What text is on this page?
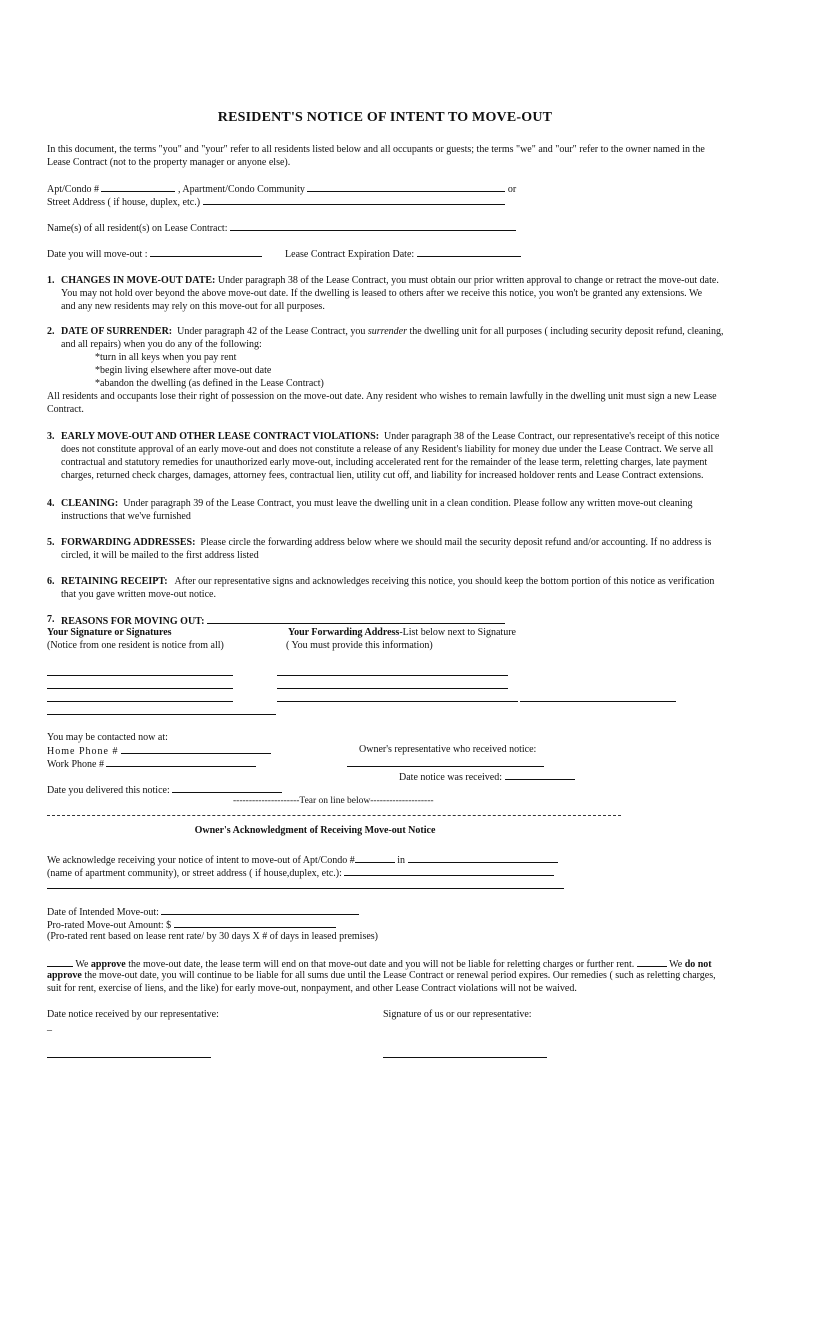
RESIDENT'S NOTICE OF INTENT TO MOVE-OUT
In this document, the terms "you" and "your" refer to all residents listed below and all occupants or guests; the terms "we" and "our" refer to the owner named in the
Lease Contract (not to the property manager or anyone else).
Apt/Condo #	, Apartment/Condo Community	or
Street Address ( if house, duplex, etc.)
Name(s) of all resident(s) on Lease Contract:
Date you will move-out :	Lease Contract Expiration Date:
1. CHANGES IN MOVE-OUT DATE: Under paragraph 38 of the Lease Contract, you must obtain our prior written approval to change or retract the move-out date.
You may not hold over beyond the above move-out date. If the dwelling is leased to others after we receive this notice, you won't be granted any extensions. We
and any new residents may rely on this move-out for all purposes.
2. DATE OF SURRENDER: Under paragraph 42 of the Lease Contract, you surrender the dwelling unit for all purposes ( including security deposit refund, cleaning,
and all repairs) when you do any of the following:
*turn in all keys when you pay rent
*begin living elsewhere after move-out date
*abandon the dwelling (as defined in the Lease Contract)
All residents and occupants lose their right of possession on the move-out date. Any resident who wishes to remain lawfully in the dwelling unit must sign a new Lease
Contract.
3. EARLY MOVE-OUT AND OTHER LEASE CONTRACT VIOLATIONS: Under paragraph 38 of the Lease Contract, our representative's receipt of this notice
does not constitute approval of an early move-out and does not constitute a release of any Resident's liability for money due under the Lease Contract. We serve all
contractual and statutory remedies for unauthorized early move-out, including accelerated rent for the remainder of the lease term, reletting charges, late payment
charges, returned check charges, damages, attorney fees, contractual lien, utility cut off, and liability for increased holdover rents and Lease Contract extensions.
4. CLEANING: Under paragraph 39 of the Lease Contract, you must leave the dwelling unit in a clean condition. Please follow any written move-out cleaning
instructions that we've furnished
5. FORWARDING ADDRESSES: Please circle the forwarding address below where we should mail the security deposit refund and/or accounting. If no address is
circled, it will be mailed to the first address listed
6. RETAINING RECEIPT: After our representative signs and acknowledges receiving this notice, you should keep the bottom portion of this notice as verification
that you gave written move-out notice.
7. REASONS FOR MOVING OUT:
Your Signature or Signatures	Your Forwarding Address-List below next to Signature
(Notice from one resident is notice from all)	( You must provide this information)
You may be contacted now at:
Home Phone #	Owner's representative who received notice:
Work Phone #
Date notice was received:
Date you delivered this notice:
---------------------Tear on line below--------------------
Owner's Acknowledgment of Receiving Move-out Notice
We acknowledge receiving your notice of intent to move-out of Apt/Condo #	in
(name of apartment community), or street address ( if house,duplex, etc.):
Date of Intended Move-out:
Pro-rated Move-out Amount: $
(Pro-rated rent based on lease rent rate/ by 30 days X # of days in leased premises)
We approve the move-out date, the lease term will end on that move-out date and you will not be liable for reletting charges or further rent.	We do not
approve the move-out date, you will continue to be liable for all sums due until the Lease Contract or renewal period expires. Our remedies ( such as reletting charges,
suit for rent, exercise of liens, and the like) for early move-out, nonpayment, and other Lease Contract violations will not be waived.
Date notice received by our representative:	Signature of us or our representative:
_
